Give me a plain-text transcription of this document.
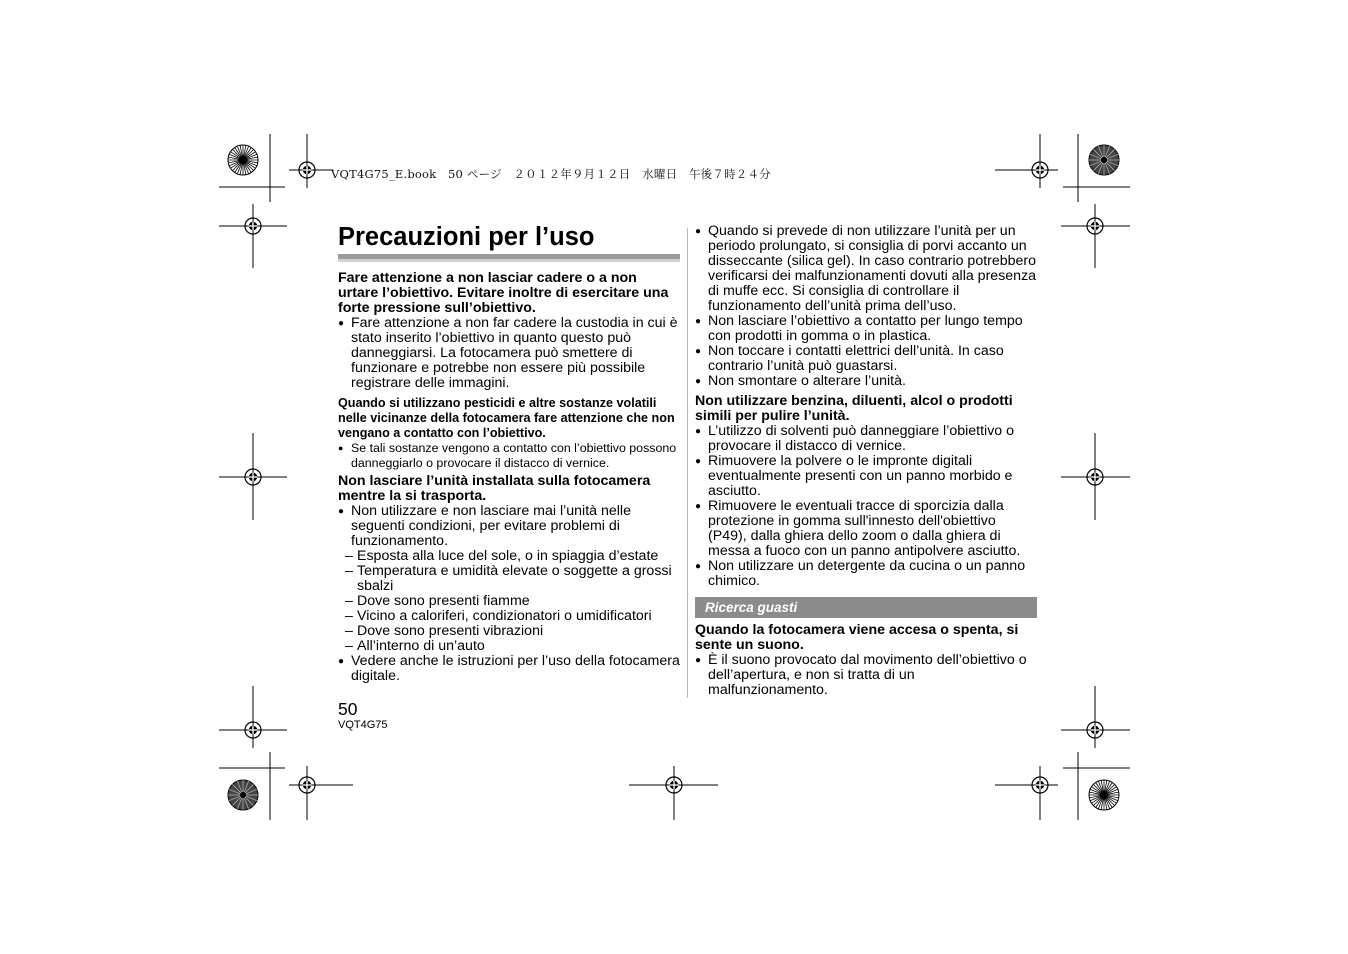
VQT4G75_E.book　50 ページ　２０１２年９月１２日　水曜日　午後７時２４分
Precauzioni per l’uso

Fare attenzione a non lasciar cadere o a non urtare l’obiettivo. Evitare inoltre di esercitare una forte pressione sull’obiettivo.

● Fare attenzione a non far cadere la custodia in cui è stato inserito l’obiettivo in quanto questo può danneggiarsi. La fotocamera può smettere di funzionare e potrebbe non essere più possibile registrare delle immagini.

Quando si utilizzano pesticidi e altre sostanze volatili nelle vicinanze della fotocamera fare attenzione che non vengano a contatto con l’obiettivo.

● Se tali sostanze vengono a contatto con l’obiettivo possono danneggiarlo o provocare il distacco di vernice.

Non lasciare l’unità installata sulla fotocamera mentre la si trasporta.

● Non utilizzare e non lasciare mai l’unità nelle seguenti condizioni, per evitare problemi di funzionamento.

– Esposta alla luce del sole, o in spiaggia d’estate

– Temperatura e umidità elevate o soggette a grossi sbalzi

– Dove sono presenti fiamme

– Vicino a caloriferi, condizionatori o umidificatori

– Dove sono presenti vibrazioni

– All’interno di un’auto

● Vedere anche le istruzioni per l’uso della fotocamera digitale.

● Quando si prevede di non utilizzare l’unità per un periodo prolungato, si consiglia di porvi accanto un disseccante (silica gel). In caso contrario potrebbero verificarsi dei malfunzionamenti dovuti alla presenza di muffe ecc. Si consiglia di controllare il funzionamento dell’unità prima dell’uso.

● Non lasciare l’obiettivo a contatto per lungo tempo con prodotti in gomma o in plastica.

● Non toccare i contatti elettrici dell’unità. In caso contrario l’unità può guastarsi.

● Non smontare o alterare l’unità.

Non utilizzare benzina, diluenti, alcol o prodotti simili per pulire l’unità.

● L’utilizzo di solventi può danneggiare l’obiettivo o provocare il distacco di vernice.

● Rimuovere la polvere o le impronte digitali eventualmente presenti con un panno morbido e asciutto.

● Rimuovere le eventuali tracce di sporcizia dalla protezione in gomma sull'innesto dell'obiettivo (P49), dalla ghiera dello zoom o dalla ghiera di messa a fuoco con un panno antipolvere asciutto.

● Non utilizzare un detergente da cucina o un panno chimico.

Ricerca guasti

Quando la fotocamera viene accesa o spenta, si sente un suono.

● È il suono provocato dal movimento dell’obiettivo o dell’apertura, e non si tratta di un malfunzionamento.

50
VQT4G75
